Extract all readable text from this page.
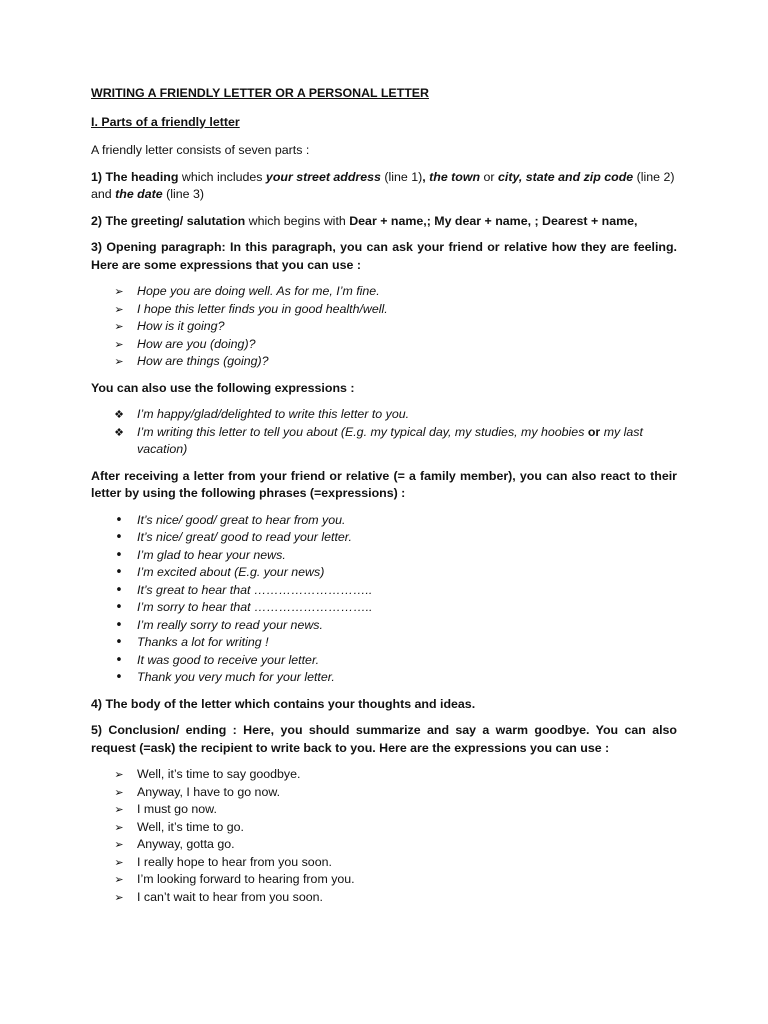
WRITING A FRIENDLY LETTER OR A PERSONAL LETTER
I. Parts of a friendly letter

A friendly letter consists of seven parts :

1) The heading which includes your street address (line 1), the town or city, state and zip code (line 2) and the date (line 3)

2) The greeting/ salutation which begins with Dear + name,; My dear + name, ; Dearest + name,

3) Opening paragraph: In this paragraph, you can ask your friend or relative how they are feeling. Here are some expressions that you can use :

➢ Hope you are doing well. As for me, I’m fine.
➢ I hope this letter finds you in good health/well.
➢ How is it going?
➢ How are you (doing)?
➢ How are things (going)?

You can also use the following expressions :

❖ I’m happy/glad/delighted to write this letter to you.
❖ I’m writing this letter to tell you about (E.g. my typical day, my studies, my hoobies or my last vacation)

After receiving a letter from your friend or relative (= a family member), you can also react to their letter by using the following phrases (=expressions) :

•	It’s nice/ good/ great to hear from you.
•	It’s nice/ great/ good to read your letter.
•	I’m glad to hear your news.
•	I’m excited about (E.g. your news)
•	It’s great to hear that ………………………..
•	I’m sorry to hear that ………………………..
•	I’m really sorry to read your news.
•	Thanks a lot for writing !
•	It was good to receive your letter.
•	Thank you very much for your letter.

4) The body of the letter which contains your thoughts and ideas.

5) Conclusion/ ending : Here, you should summarize and say a warm goodbye. You can also request (=ask) the recipient to write back to you. Here are the expressions you can use :

➢ Well, it’s time to say goodbye.
➢ Anyway, I have to go now.
➢ I must go now.
➢ Well, it’s time to go.
➢ Anyway, gotta go.
➢ I really hope to hear from you soon.
➢ I’m looking forward to hearing from you.
➢ I can’t wait to hear from you soon.
